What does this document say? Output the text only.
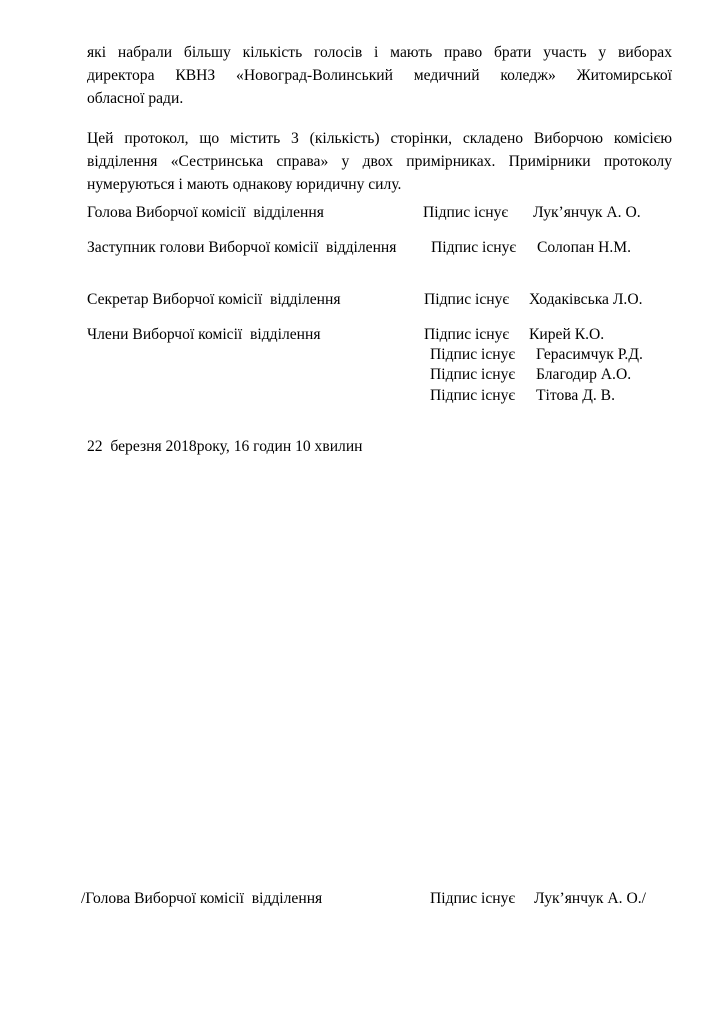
які набрали більшу кількість голосів і мають право брати участь у виборах
директора КВНЗ «Новоград-Волинський медичний коледж» Житомирської
обласної ради.
Цей протокол, що містить 3 (кількість) сторінки, складено Виборчою комісією
відділення «Сестринська справа» у двох примірниках. Примірники протоколу
нумеруються і мають однакову юридичну силу.
Голова Виборчої комісії  відділення	Підпис існує Лук’янчук А. О.
Заступник голови Виборчої комісії  відділення Підпис існує Солопан Н.М.
Секретар Виборчої комісії  відділення	Підпис існує Ходаківська Л.О.
Члени Виборчої комісії  відділення	Підпис існує Кирей К.О.
Підпис існує Герасимчук Р.Д.
Підпис існує Благодир А.О.
Підпис існує Тітова Д. В.
22  березня 2018року, 16 годин 10 хвилин
/Голова Виборчої комісії  відділення	Підпис існує Лук’янчук А. О./
